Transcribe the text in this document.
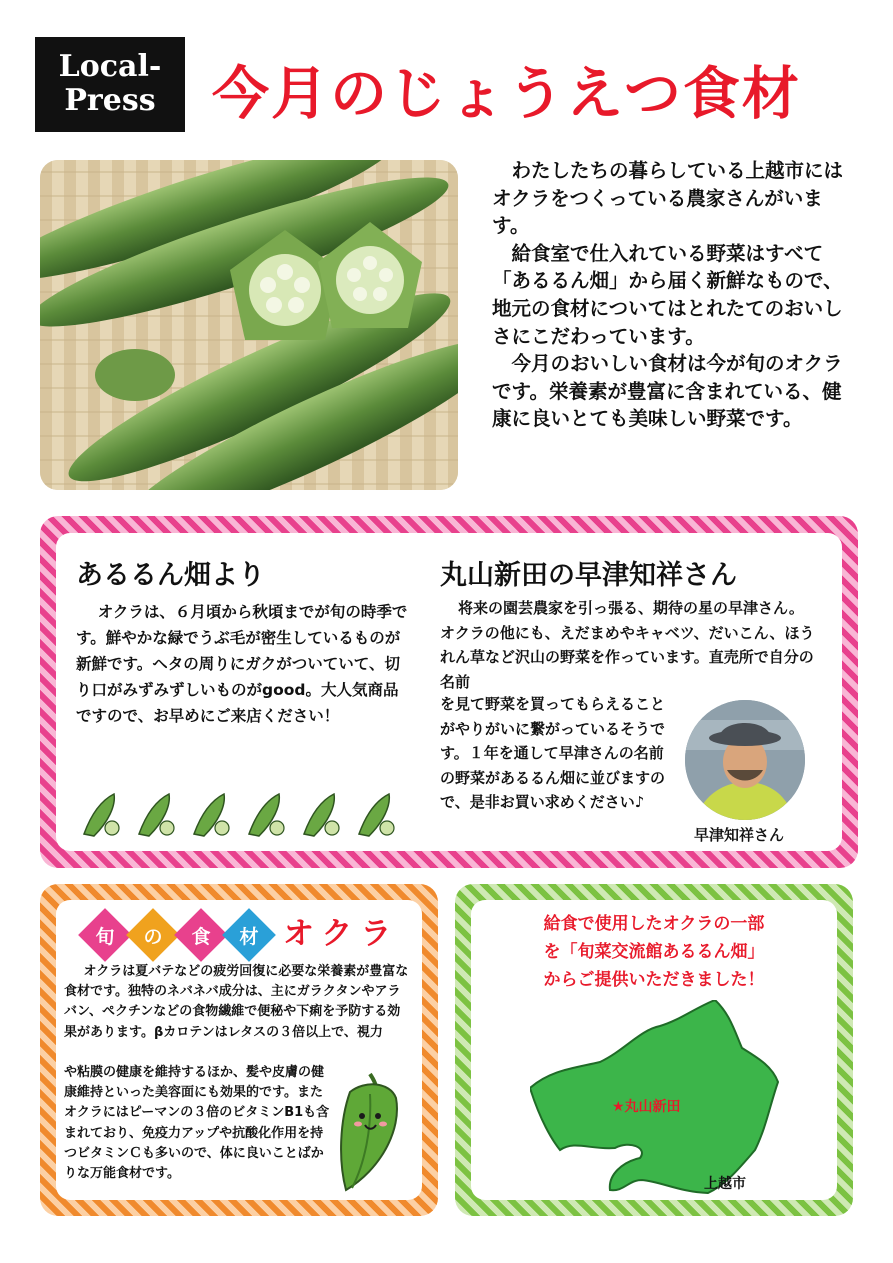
Local-
Press 今月のじょうえつ食材

わたしたちの暮らしている上越市にはオクラをつくっている農家さんがいます。

給食室で仕入れている野菜はすべて「あるるん畑」から届く新鮮なもので、地元の食材についてはとれたてのおいしさにこだわっています。

今月のおいしい食材は今が旬のオクラです。栄養素が豊富に含まれている、健康に良いとても美味しい野菜です。

あるるん畑より
オクラは、６月頃から秋頃までが旬の時季です。鮮やかな緑でうぶ毛が密生しているものが新鮮です。ヘタの周りにガクがついていて、切り口がみずみずしいものがgood。大人気商品ですので、お早めにご来店ください！
丸山新田の早津知祥さん
将来の園芸農家を引っ張る、期待の星の早津さん。オクラの他にも、えだまめやキャベツ、だいこん、ほうれん草など沢山の野菜を作っています。直売所で自分の名前
を見て野菜を買ってもらえることがやりがいに繋がっているそうです。１年を通して早津さんの名前の野菜があるるん畑に並びますので、是非お買い求めください♪
早津知祥さん
旬	の	食	材 オクラ
オクラは夏バテなどの疲労回復に必要な栄養素が豊富な食材です。独特のネバネバ成分は、主にガラクタンやアラバン、ペクチンなどの食物繊維で便秘や下痢を予防する効果があります。βカロテンはレタスの３倍以上で、視力
や粘膜の健康を維持するほか、髪や皮膚の健康維持といった美容面にも効果的です。またオクラにはピーマンの３倍のビタミンB1も含まれており、免疫力アップや抗酸化作用を持つビタミンＣも多いので、体に良いことばかりな万能食材です。
給食で使用したオクラの一部
を「旬菜交流館あるるん畑」
からご提供いただきました！
★丸山新田
上越市
